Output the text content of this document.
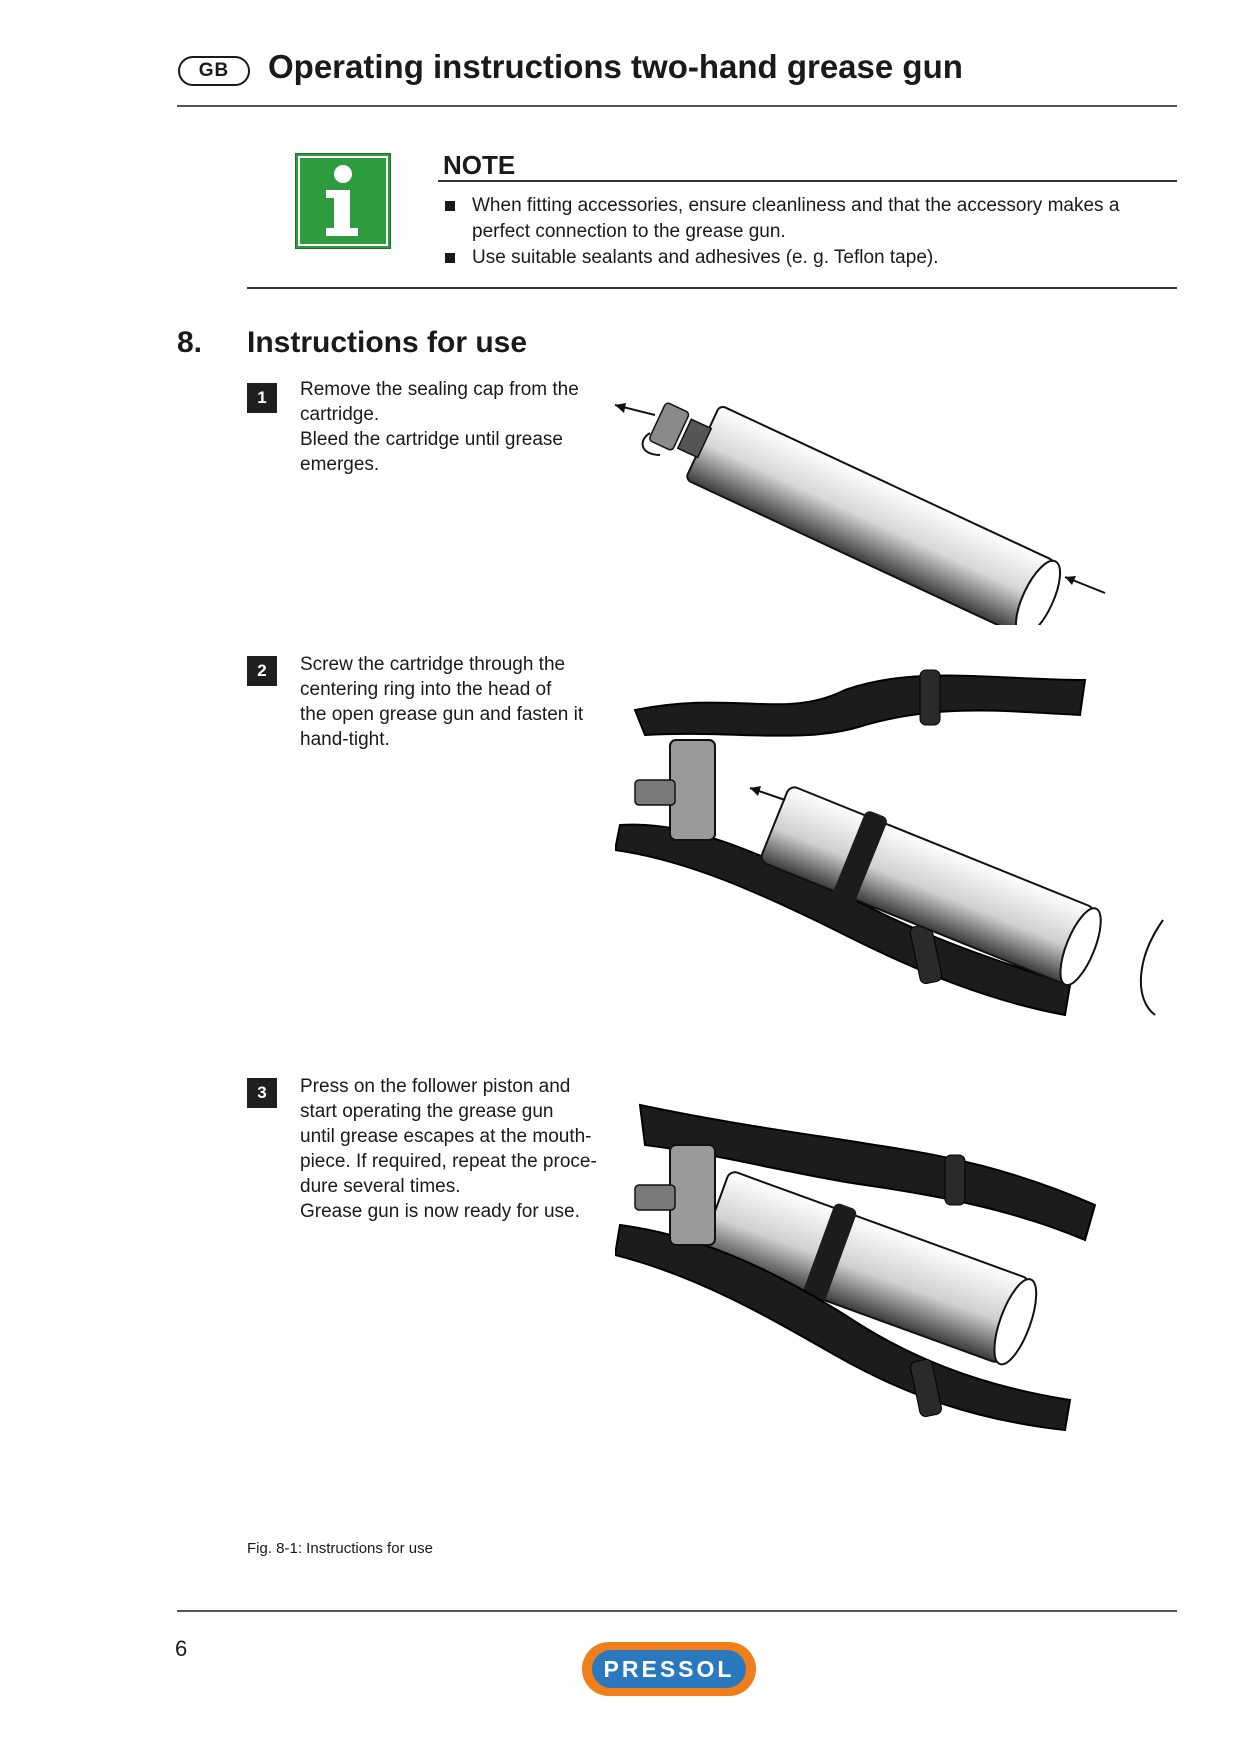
GB	Operating instructions two-hand grease gun
NOTE
When fitting accessories, ensure cleanliness and that the accessory makes a
perfect connection to the grease gun.
Use suitable sealants and adhesives (e. g. Teflon tape).
8. Instructions for use
1	Remove the sealing cap from the
cartridge.
Bleed the cartridge until grease
emerges.
2	Screw the cartridge through the
centering ring into the head of
the open grease gun and fasten it
hand-tight.
3	Press on the follower piston and
start operating the grease gun
until grease escapes at the mouth-
piece. If required, repeat the proce-
dure several times.
Grease gun is now ready for use.
Fig. 8-1: Instructions for use
6
PRESSOL
